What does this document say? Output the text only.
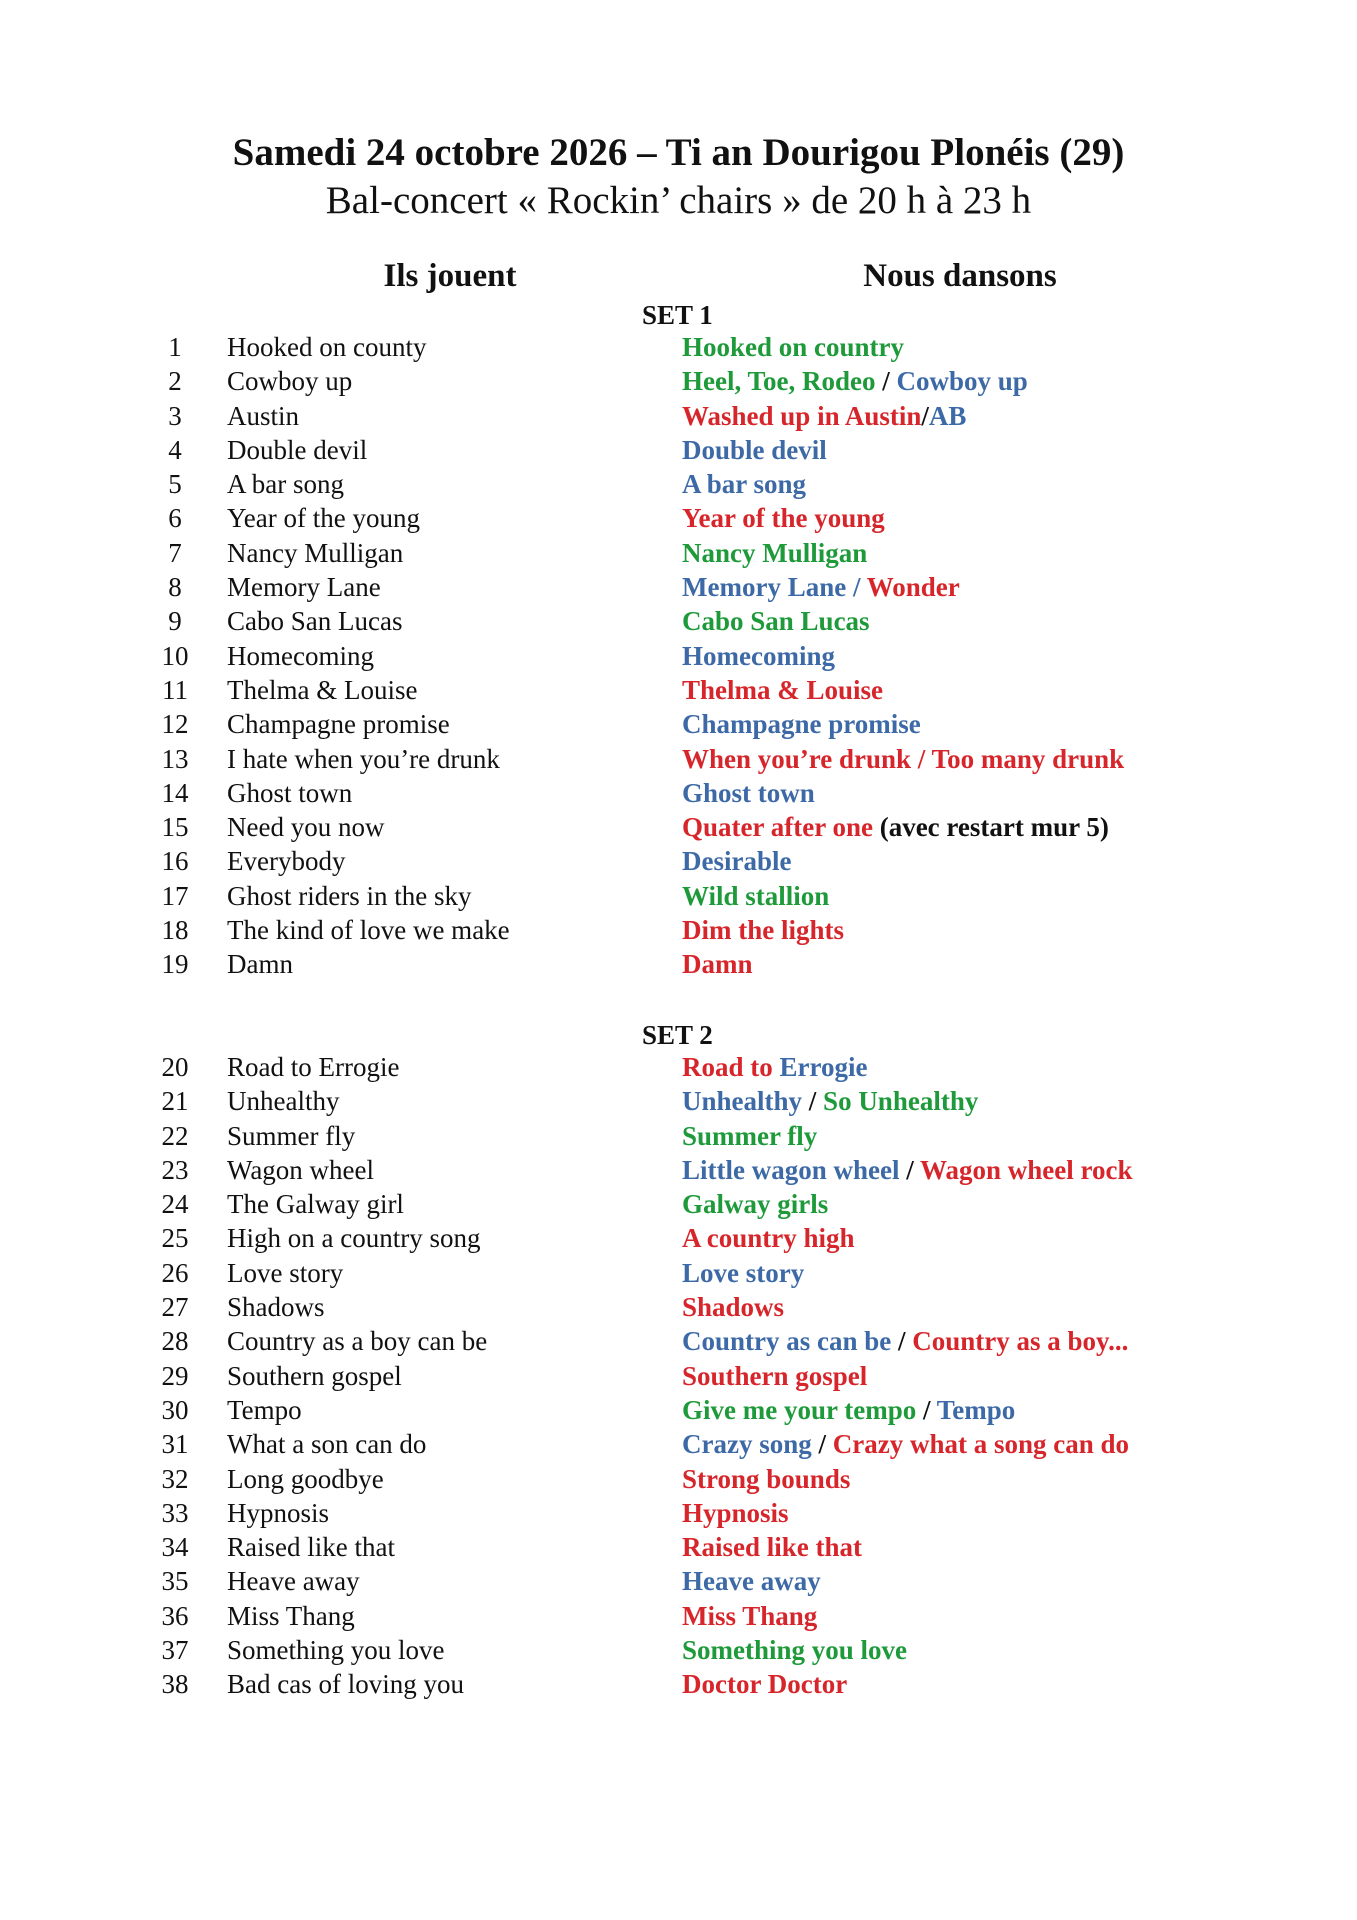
Samedi 24 octobre 2026 – Ti an Dourigou Plonéis (29)
Bal-concert « Rockin’ chairs » de 20 h à 23 h
Ils jouent	Nous dansons
SET 1
1	Hooked on county	Hooked on country
2	Cowboy up	Heel, Toe, Rodeo / Cowboy up
3	Austin	Washed up in Austin/AB
4	Double devil	Double devil
5	A bar song	A bar song
6	Year of the young	Year of the young
7	Nancy Mulligan	Nancy Mulligan
8	Memory Lane	Memory Lane / Wonder
9	Cabo San Lucas	Cabo San Lucas
10	Homecoming	Homecoming
11	Thelma & Louise	Thelma & Louise
12	Champagne promise	Champagne promise
13	I hate when you’re drunk	When you’re drunk / Too many drunk
14	Ghost town	Ghost town
15	Need you now	Quater after one (avec restart mur 5)
16	Everybody	Desirable
17	Ghost riders in the sky	Wild stallion
18	The kind of love we make	Dim the lights
19	Damn	Damn
SET 2
20	Road to Errogie	Road to Errogie
21	Unhealthy	Unhealthy / So Unhealthy
22	Summer fly	Summer fly
23	Wagon wheel	Little wagon wheel / Wagon wheel rock
24	The Galway girl	Galway girls
25	High on a country song	A country high
26	Love story	Love story
27	Shadows	Shadows
28	Country as a boy can be	Country as can be / Country as a boy...
29	Southern gospel	Southern gospel
30	Tempo	Give me your tempo / Tempo
31	What a son can do	Crazy song / Crazy what a song can do
32	Long goodbye	Strong bounds
33	Hypnosis	Hypnosis
34	Raised like that	Raised like that
35	Heave away	Heave away
36	Miss Thang	Miss Thang
37	Something you love	Something you love
38	Bad cas of loving you	Doctor Doctor
